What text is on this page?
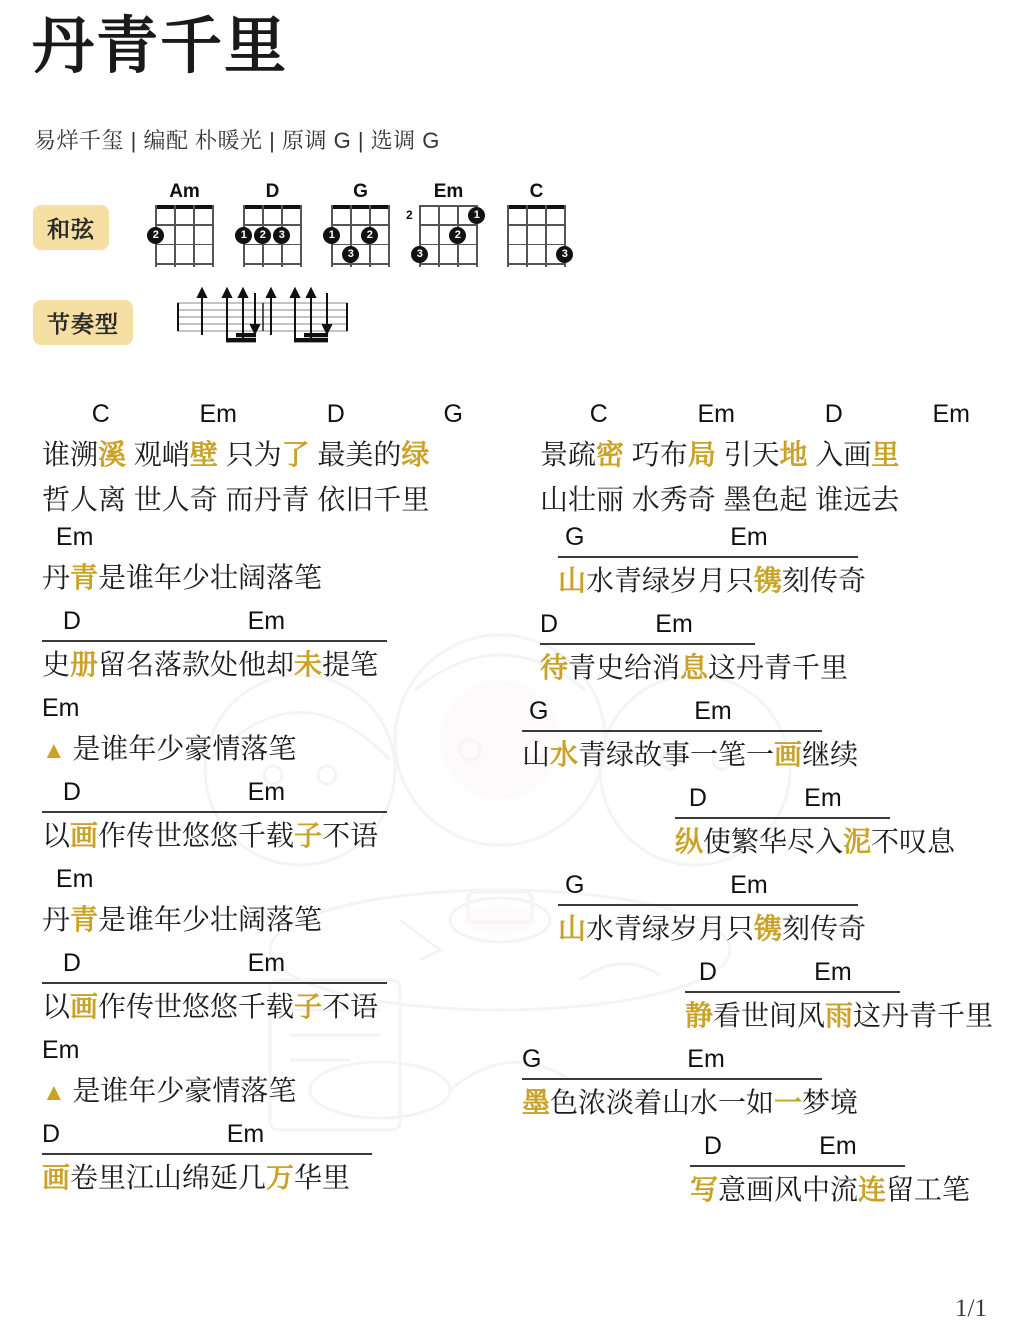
丹青千里
易烊千玺 | 编配 朴暖光 | 原调 G | 选调 G
和弦
节奏型
Am
2
D
1	2	3
G
1	2
3
Em
2	1
2
3
C
3
C	Em	D	G
谁溯溪 观峭壁 只为了 最美的绿
哲人离 世人奇 而丹青 依旧千里
Em
丹青是谁年少壮阔落笔
D                        Em
史册留名落款处他却未提笔
Em
▲ 是谁年少豪情落笔
D                        Em
以画作传世悠悠千载子不语
Em
丹青是谁年少壮阔落笔
D                        Em
以画作传世悠悠千载子不语
Em
▲ 是谁年少豪情落笔
D                        Em
画卷里江山绵延几万华里
C	Em	D	Em
景疏密 巧布局 引天地 入画里
山壮丽 水秀奇 墨色起 谁远去
G                     Em
山水青绿岁月只镌刻传奇
D              Em
待青史给消息这丹青千里
G                     Em
山水青绿故事一笔一画继续
D              Em
纵使繁华尽入泥不叹息
G                     Em
山水青绿岁月只镌刻传奇
D              Em
静看世间风雨这丹青千里
G                     Em
墨色浓淡着山水一如一梦境
D              Em
写意画风中流连留工笔
1/1
